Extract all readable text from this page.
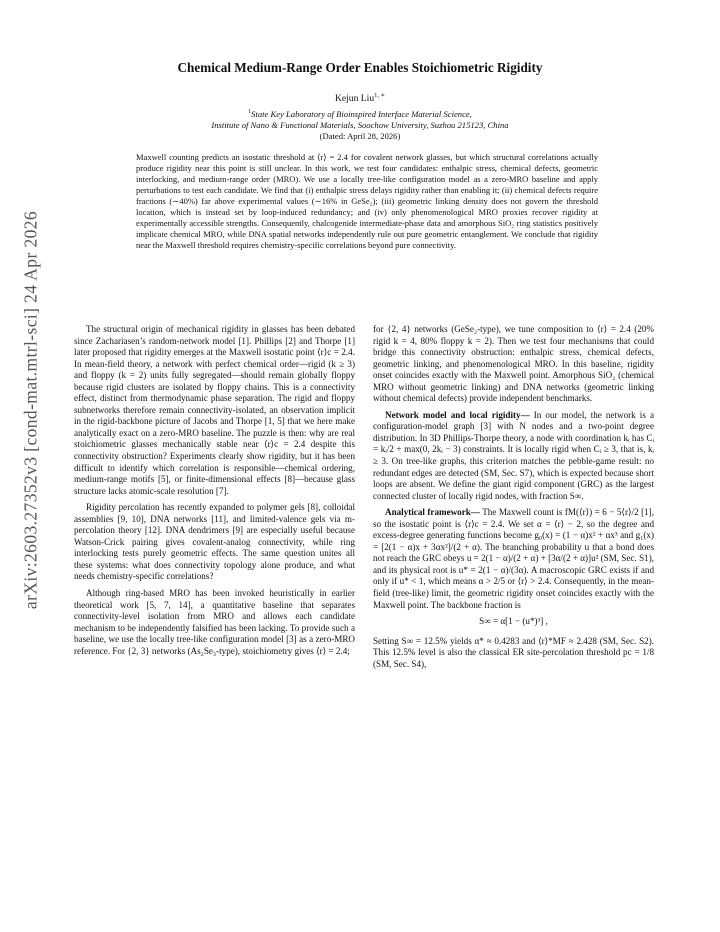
arXiv:2603.27352v3 [cond-mat.mtrl-sci] 24 Apr 2026
Chemical Medium-Range Order Enables Stoichiometric Rigidity
Kejun Liu$^{1, ∗}$
$^1$State Key Laboratory of Bioinspired Interface Material Science,
Institute of Nano & Functional Materials, Soochow University, Suzhou 215123, China
(Dated: April 28, 2026)
Maxwell counting predicts an isostatic threshold at ⟨r⟩ = 2.4 for covalent network glasses, but which structural correlations actually produce rigidity near this point is still unclear. In this work, we test four candidates: enthalpic stress, chemical defects, geometric interlocking, and medium-range order (MRO). We use a locally tree-like configuration model as a zero-MRO baseline and apply perturbations to test each candidate. We find that (i) enthalpic stress delays rigidity rather than enabling it; (ii) chemical defects require fractions (∼40%) far above experimental values (∼16% in GeSe₂); (iii) geometric linking density does not govern the threshold location, which is instead set by loop-induced redundancy; and (iv) only phenomenological MRO proxies recover rigidity at experimentally accessible strengths. Consequently, chalcogenide intermediate-phase data and amorphous SiO₂ ring statistics positively implicate chemical MRO, while DNA spatial networks independently rule out pure geometric entanglement. We conclude that rigidity near the Maxwell threshold requires chemistry-specific correlations beyond pure connectivity.

The structural origin of mechanical rigidity in glasses has been debated since Zachariasen’s random-network model [1]. Phillips [2] and Thorpe [1] later proposed that rigidity emerges at the Maxwell isostatic point ⟨r⟩c = 2.4. In mean-field theory, a network with perfect chemical order—rigid (k ≥ 3) and floppy (k = 2) units fully segregated—should remain globally floppy because rigid clusters are isolated by floppy chains. This is a connectivity effect, distinct from thermodynamic phase separation. The rigid and floppy subnetworks therefore remain connectivity-isolated, an observation implicit in the rigid-backbone picture of Jacobs and Thorpe [1, 5] that we here make analytically exact on a zero-MRO baseline. The puzzle is then: why are real stoichiometric glasses mechanically stable near ⟨r⟩c = 2.4 despite this connectivity obstruction? Experiments clearly show rigidity, but it has been difficult to identify which correlation is responsible—chemical ordering, medium-range motifs [5], or finite-dimensional effects [8]—because glass structure lacks atomic-scale resolution [7].

Rigidity percolation has recently expanded to polymer gels [8], colloidal assemblies [9, 10], DNA networks [11], and limited-valence gels via m-percolation theory [12]. DNA dendrimers [9] are especially useful because Watson-Crick pairing gives covalent-analog connectivity, while ring interlocking tests purely geometric effects. The same question unites all these systems: what does connectivity topology alone produce, and what needs chemistry-specific correlations?

Although ring-based MRO has been invoked heuristically in earlier theoretical work [5, 7, 14], a quantitative baseline that separates connectivity-level isolation from MRO and allows each candidate mechanism to be independently falsified has been lacking. To provide such a baseline, we use the locally tree-like configuration model [3] as a zero-MRO reference. For {2, 3} networks (As₂Se₃-type), stoichiometry gives ⟨r⟩ = 2.4;

for {2, 4} networks (GeSe₂-type), we tune composition to ⟨r⟩ = 2.4 (20% rigid k = 4, 80% floppy k = 2). Then we test four mechanisms that could bridge this connectivity obstruction: enthalpic stress, chemical defects, geometric linking, and phenomenological MRO. In this baseline, rigidity onset coincides exactly with the Maxwell point. Amorphous SiO₂ (chemical MRO without geometric linking) and DNA networks (geometric linking without chemical defects) provide independent benchmarks.

Network model and local rigidity— In our model, the network is a configuration-model graph [3] with N nodes and a two-point degree distribution. In 3D Phillips-Thorpe theory, a node with coordination kᵢ has Cᵢ = kᵢ/2 + max(0, 2kᵢ − 3) constraints. It is locally rigid when Cᵢ ≥ 3, that is, kᵢ ≥ 3. On tree-like graphs, this criterion matches the pebble-game result: no redundant edges are detected (SM, Sec. S7), which is expected because short loops are absent. We define the giant rigid component (GRC) as the largest connected cluster of locally rigid nodes, with fraction S∞.

Analytical framework— The Maxwell count is fM(⟨r⟩) = 6 − 5⟨r⟩/2 [1], so the isostatic point is ⟨r⟩c = 2.4. We set α = ⟨r⟩ − 2, so the degree and excess-degree generating functions become g₀(x) = (1 − α)x² + αx³ and g₁(x) = [2(1 − α)x + 3αx²]/(2 + α). The branching probability u that a bond does not reach the GRC obeys u = 2(1 − α)/(2 + α) + [3α/(2 + α)]u² (SM, Sec. S1), and its physical root is u* = 2(1 − α)/(3α). A macroscopic GRC exists if and only if u* < 1, which means α > 2/5 or ⟨r⟩ > 2.4. Consequently, in the mean-field (tree-like) limit, the geometric rigidity onset coincides exactly with the Maxwell point. The backbone fraction is

S∞ = α[1 − (u*)³] ,

Setting S∞ = 12.5% yields α* ≈ 0.4283 and ⟨r⟩*MF ≈ 2.428 (SM, Sec. S2). This 12.5% level is also the classical ER site-percolation threshold pc = 1/8 (SM, Sec. S4),
